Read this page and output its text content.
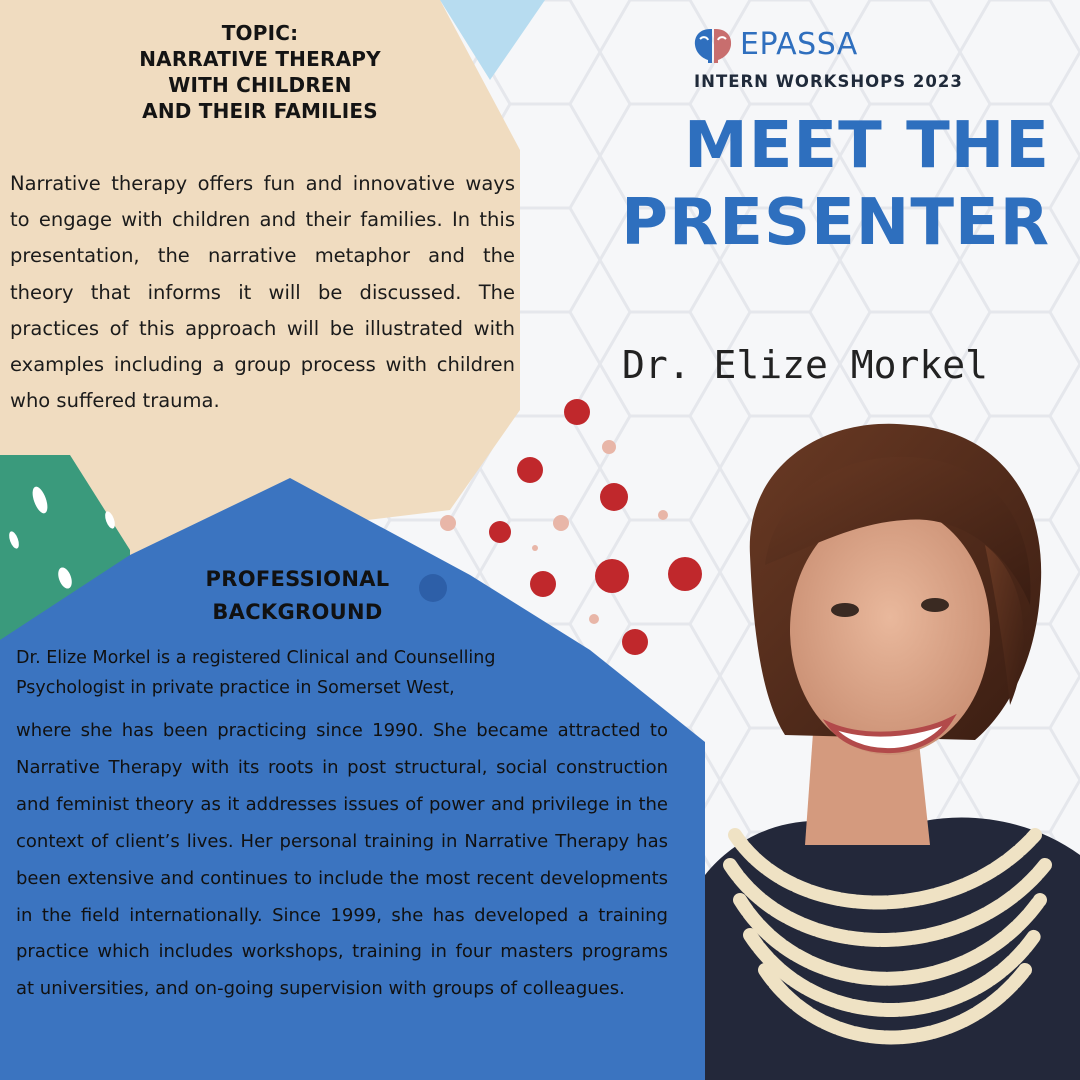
TOPIC:
NARRATIVE THERAPY
WITH CHILDREN
AND THEIR FAMILIES
Narrative therapy offers fun and innovative ways to engage with children and their families. In this presentation, the narrative metaphor and the theory that informs it will be discussed. The practices of this approach will be illustrated with examples including a group process with children who suffered trauma.
PROFESSIONAL
BACKGROUND
Dr. Elize Morkel is a registered Clinical and Counselling
Psychologist in private practice in Somerset West,
where she has been practicing since 1990. She became attracted to Narrative Therapy with its roots in post structural, social construction and feminist theory as it addresses issues of power and privilege in the context of client’s lives. Her personal training in Narrative Therapy has been extensive and continues to include the most recent developments in the field internationally. Since 1999, she has developed a training practice which includes workshops, training in four masters programs at universities, and on-going supervision with groups of colleagues.
EPASSA
INTERN WORKSHOPS 2023
MEET THE
PRESENTER
Dr. Elize Morkel
